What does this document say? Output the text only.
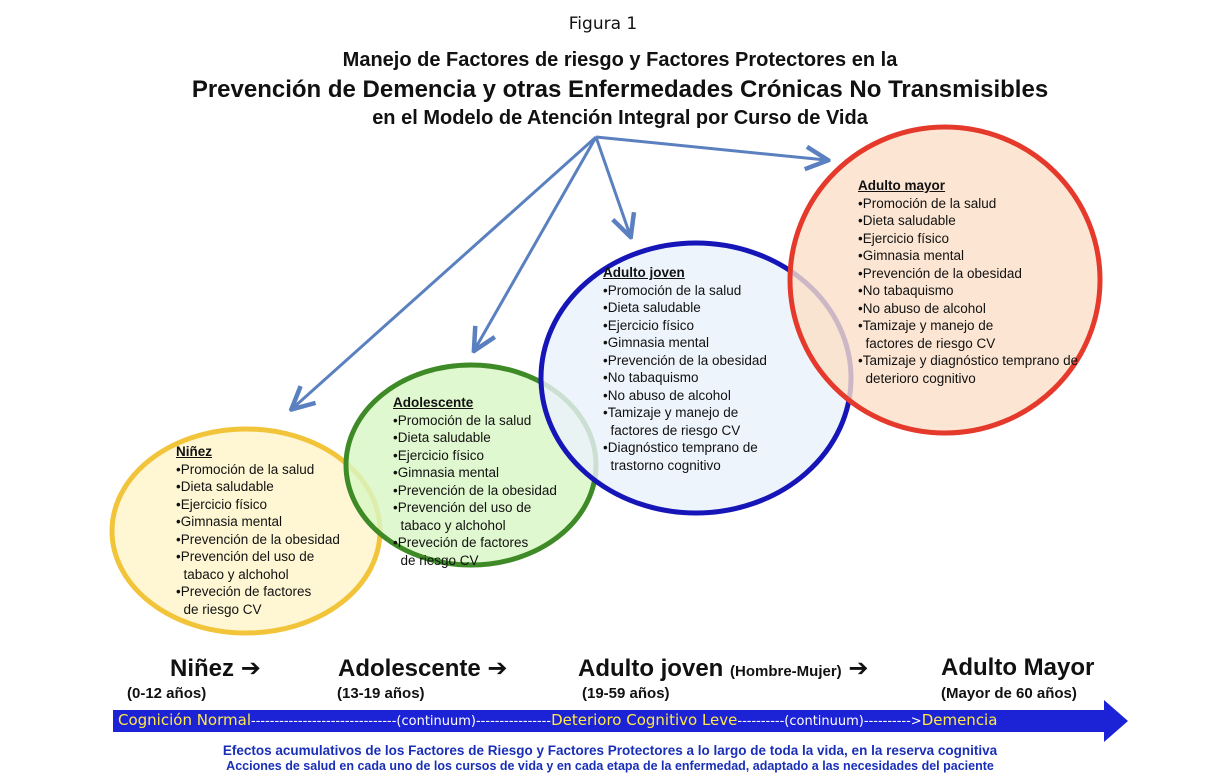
Figura 1
Manejo de Factores de riesgo y Factores Protectores en la
Prevención de Demencia y otras Enfermedades Crónicas No Transmisibles
en el Modelo de Atención Integral por Curso de Vida
Niñez
•Promoción de la salud
•Dieta saludable
•Ejercicio físico
•Gimnasia mental
•Prevención de la obesidad
•Prevención del uso de
tabaco y alchohol
•Preveción de factores
de riesgo CV
Adolescente
•Promoción de la salud
•Dieta saludable
•Ejercicio físico
•Gimnasia mental
•Prevención de la obesidad
•Prevención del uso de
tabaco y alchohol
•Preveción de factores
de riesgo CV
Adulto joven
•Promoción de la salud
•Dieta saludable
•Ejercicio físico
•Gimnasia mental
•Prevención de la obesidad
•No tabaquismo
•No abuso de alcohol
•Tamizaje y manejo de
factores de riesgo CV
•Diagnóstico temprano de
trastorno cognitivo
Adulto mayor
•Promoción de la salud
•Dieta saludable
•Ejercicio físico
•Gimnasia mental
•Prevención de la obesidad
•No tabaquismo
•No abuso de alcohol
•Tamizaje y manejo de
factores de riesgo CV
•Tamizaje y diagnóstico temprano de
deterioro cognitivo
Niñez ➔
(0-12 años)
Adolescente ➔
(13-19 años)
Adulto joven (Hombre-Mujer) ➔
(19-59 años)
Adulto Mayor
(Mayor de 60 años)
Cognición Normal-------------------------------(continuum)----------------Deterioro Cognitivo Leve----------(continuum)---------->Demencia
Efectos acumulativos de los Factores de Riesgo y Factores Protectores a lo largo de toda la vida, en la reserva cognitiva
Acciones de salud en cada uno de los cursos de vida y en cada etapa de la enfermedad, adaptado a las necesidades del paciente
